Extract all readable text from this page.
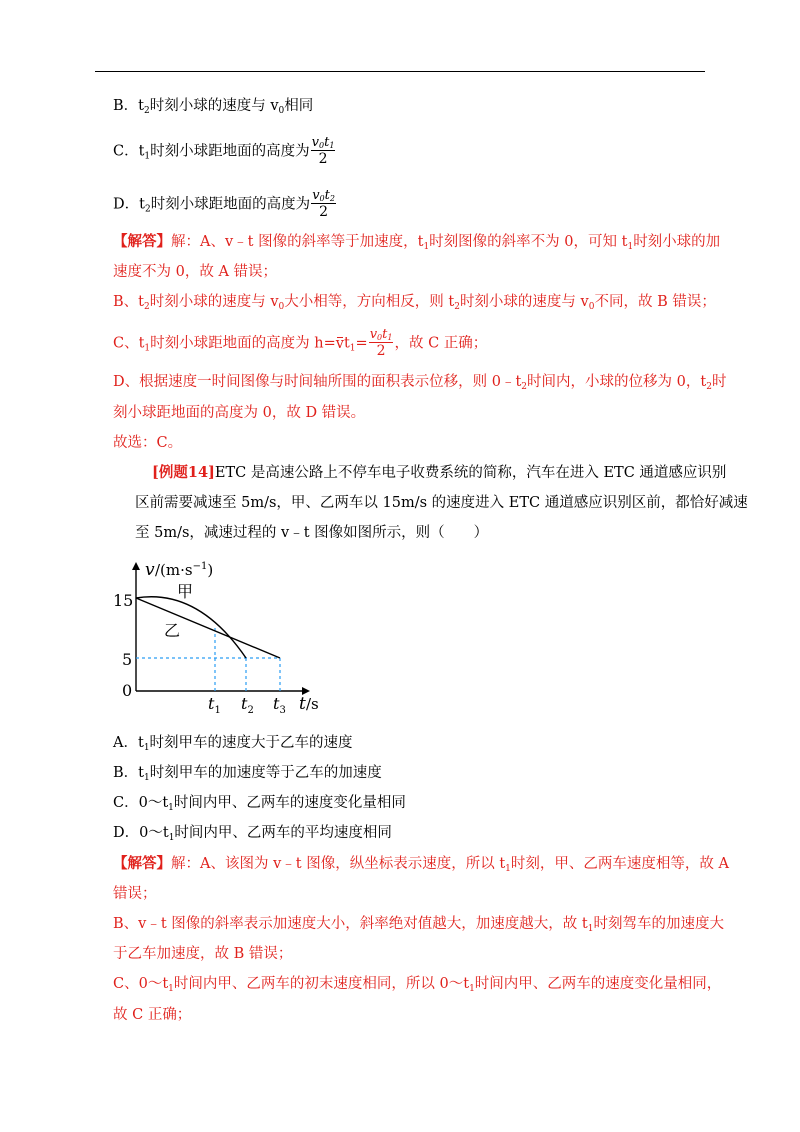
B．$t_2$时刻小球的速度与 $v_0$相同
C．$t_1$时刻小球距地面的高度为 $\frac{v_0t_1}{2}$
D．$t_2$时刻小球距地面的高度为 $\frac{v_0t_2}{2}$
【解答】解：A、v﹣t 图像的斜率等于加速度，$t_1$时刻图像的斜率不为 0，可知 $t_1$时刻小球的加
速度不为 0，故 A 错误；
B、$t_2$时刻小球的速度与 $v_0$大小相等，方向相反，则 $t_2$时刻小球的速度与 $v_0$不同，故 B 错误；
C、$t_1$时刻小球距地面的高度为 $h=vt_1= \frac{v_0t_1}{2}$ ，故 C 正确；
D、根据速度一时间图像与时间轴所围的面积表示位移，则 $0﹣t_2$时间内，小球的位移为 0，$t_2$时
刻小球距地面的高度为 0，故 D 错误。
故选：C。
[例题14]ETC 是高速公路上不停车电子收费系统的简称，汽车在进入 ETC 通道感应识别
区前需要减速至 5m/s，甲、乙两车以 15m/s 的速度进入 ETC 通道感应识别区前，都恰好减速
至 5m/s，减速过程的 v﹣t 图像如图所示，则（　　）
v $/(m\cdot s^{-1})$
t /s
15
5
0
甲
乙
$t_1$ $t_2$ $t_3$
A．$t_1$时刻甲车的速度大于乙车的速度
B．$t_1$时刻甲车的加速度等于乙车的加速度
C．$0\sim t_1$时间内甲、乙两车的速度变化量相同
D．$0\sim t_1$时间内甲、乙两车的平均速度相同
【解答】解：A、该图为 v﹣t 图像，纵坐标表示速度，所以 $t_1$时刻，甲、乙两车速度相等，故 A
错误；
B、v﹣t 图像的斜率表示加速度大小，斜率绝对值越大，加速度越大，故 $t_1$时刻驾车的加速度大
于乙车加速度，故 B 错误；
C、$0\sim t_1$时间内甲、乙两车的初末速度相同，所以 $0\sim t_1$时间内甲、乙两车的速度变化量相同，
故 C 正确；
